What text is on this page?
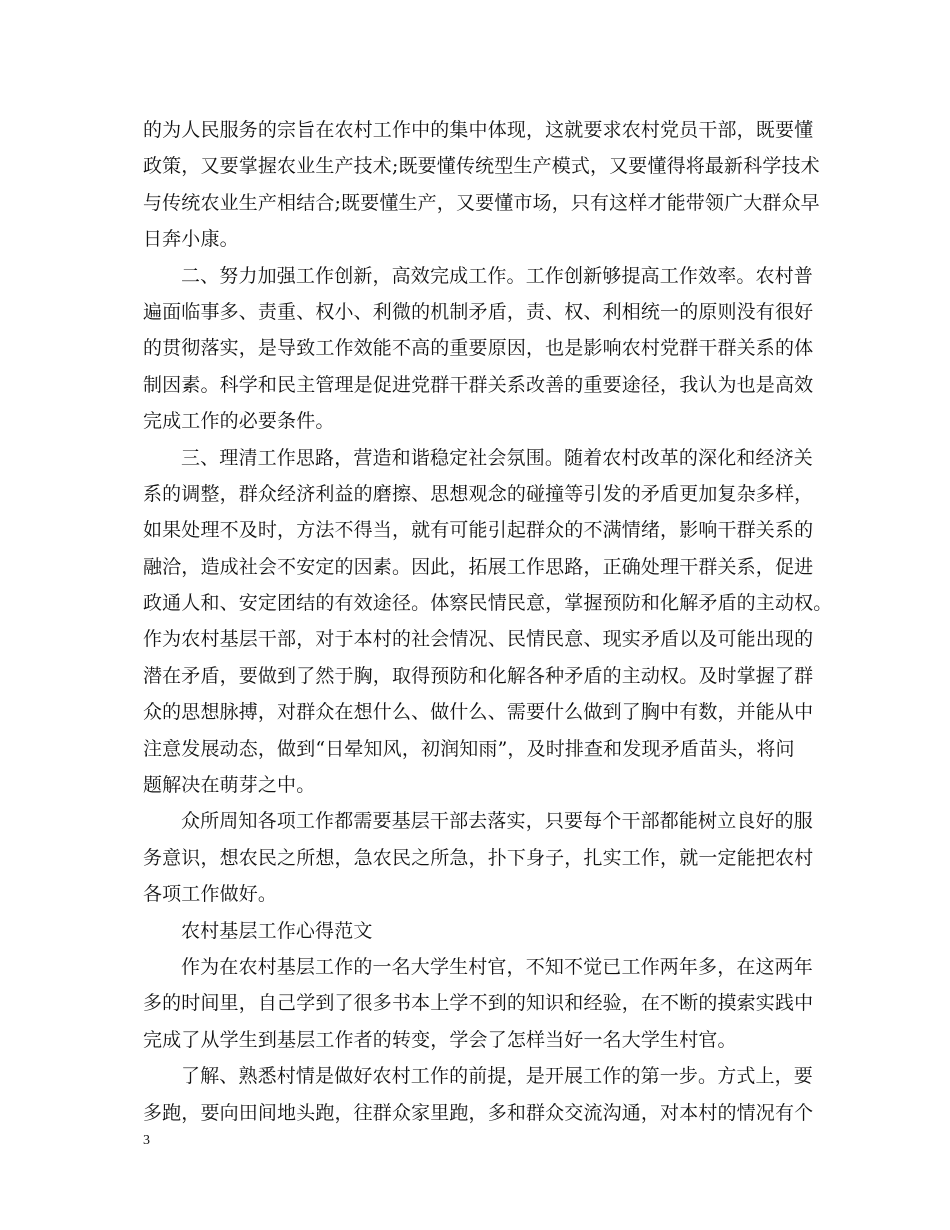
的为人民服务的宗旨在农村工作中的集中体现，这就要求农村党员干部，既要懂
政策，又要掌握农业生产技术;既要懂传统型生产模式，又要懂得将最新科学技术
与传统农业生产相结合;既要懂生产，又要懂市场，只有这样才能带领广大群众早
日奔小康。
二、努力加强工作创新，高效完成工作。工作创新够提高工作效率。农村普
遍面临事多、责重、权小、利微的机制矛盾，责、权、利相统一的原则没有很好
的贯彻落实，是导致工作效能不高的重要原因，也是影响农村党群干群关系的体
制因素。科学和民主管理是促进党群干群关系改善的重要途径，我认为也是高效
完成工作的必要条件。
三、理清工作思路，营造和谐稳定社会氛围。随着农村改革的深化和经济关
系的调整，群众经济利益的磨擦、思想观念的碰撞等引发的矛盾更加复杂多样，
如果处理不及时，方法不得当，就有可能引起群众的不满情绪，影响干群关系的
融洽，造成社会不安定的因素。因此，拓展工作思路，正确处理干群关系，促进
政通人和、安定团结的有效途径。体察民情民意，掌握预防和化解矛盾的主动权。
作为农村基层干部，对于本村的社会情况、民情民意、现实矛盾以及可能出现的
潜在矛盾，要做到了然于胸，取得预防和化解各种矛盾的主动权。及时掌握了群
众的思想脉搏，对群众在想什么、做什么、需要什么做到了胸中有数，并能从中
注意发展动态，做到“日晕知风，初润知雨”，及时排查和发现矛盾苗头，将问
题解决在萌芽之中。
众所周知各项工作都需要基层干部去落实，只要每个干部都能树立良好的服
务意识，想农民之所想，急农民之所急，扑下身子，扎实工作，就一定能把农村
各项工作做好。
农村基层工作心得范文
作为在农村基层工作的一名大学生村官，不知不觉已工作两年多，在这两年
多的时间里，自己学到了很多书本上学不到的知识和经验，在不断的摸索实践中
完成了从学生到基层工作者的转变，学会了怎样当好一名大学生村官。
了解、熟悉村情是做好农村工作的前提，是开展工作的第一步。方式上，要
多跑，要向田间地头跑，往群众家里跑，多和群众交流沟通，对本村的情况有个
3
